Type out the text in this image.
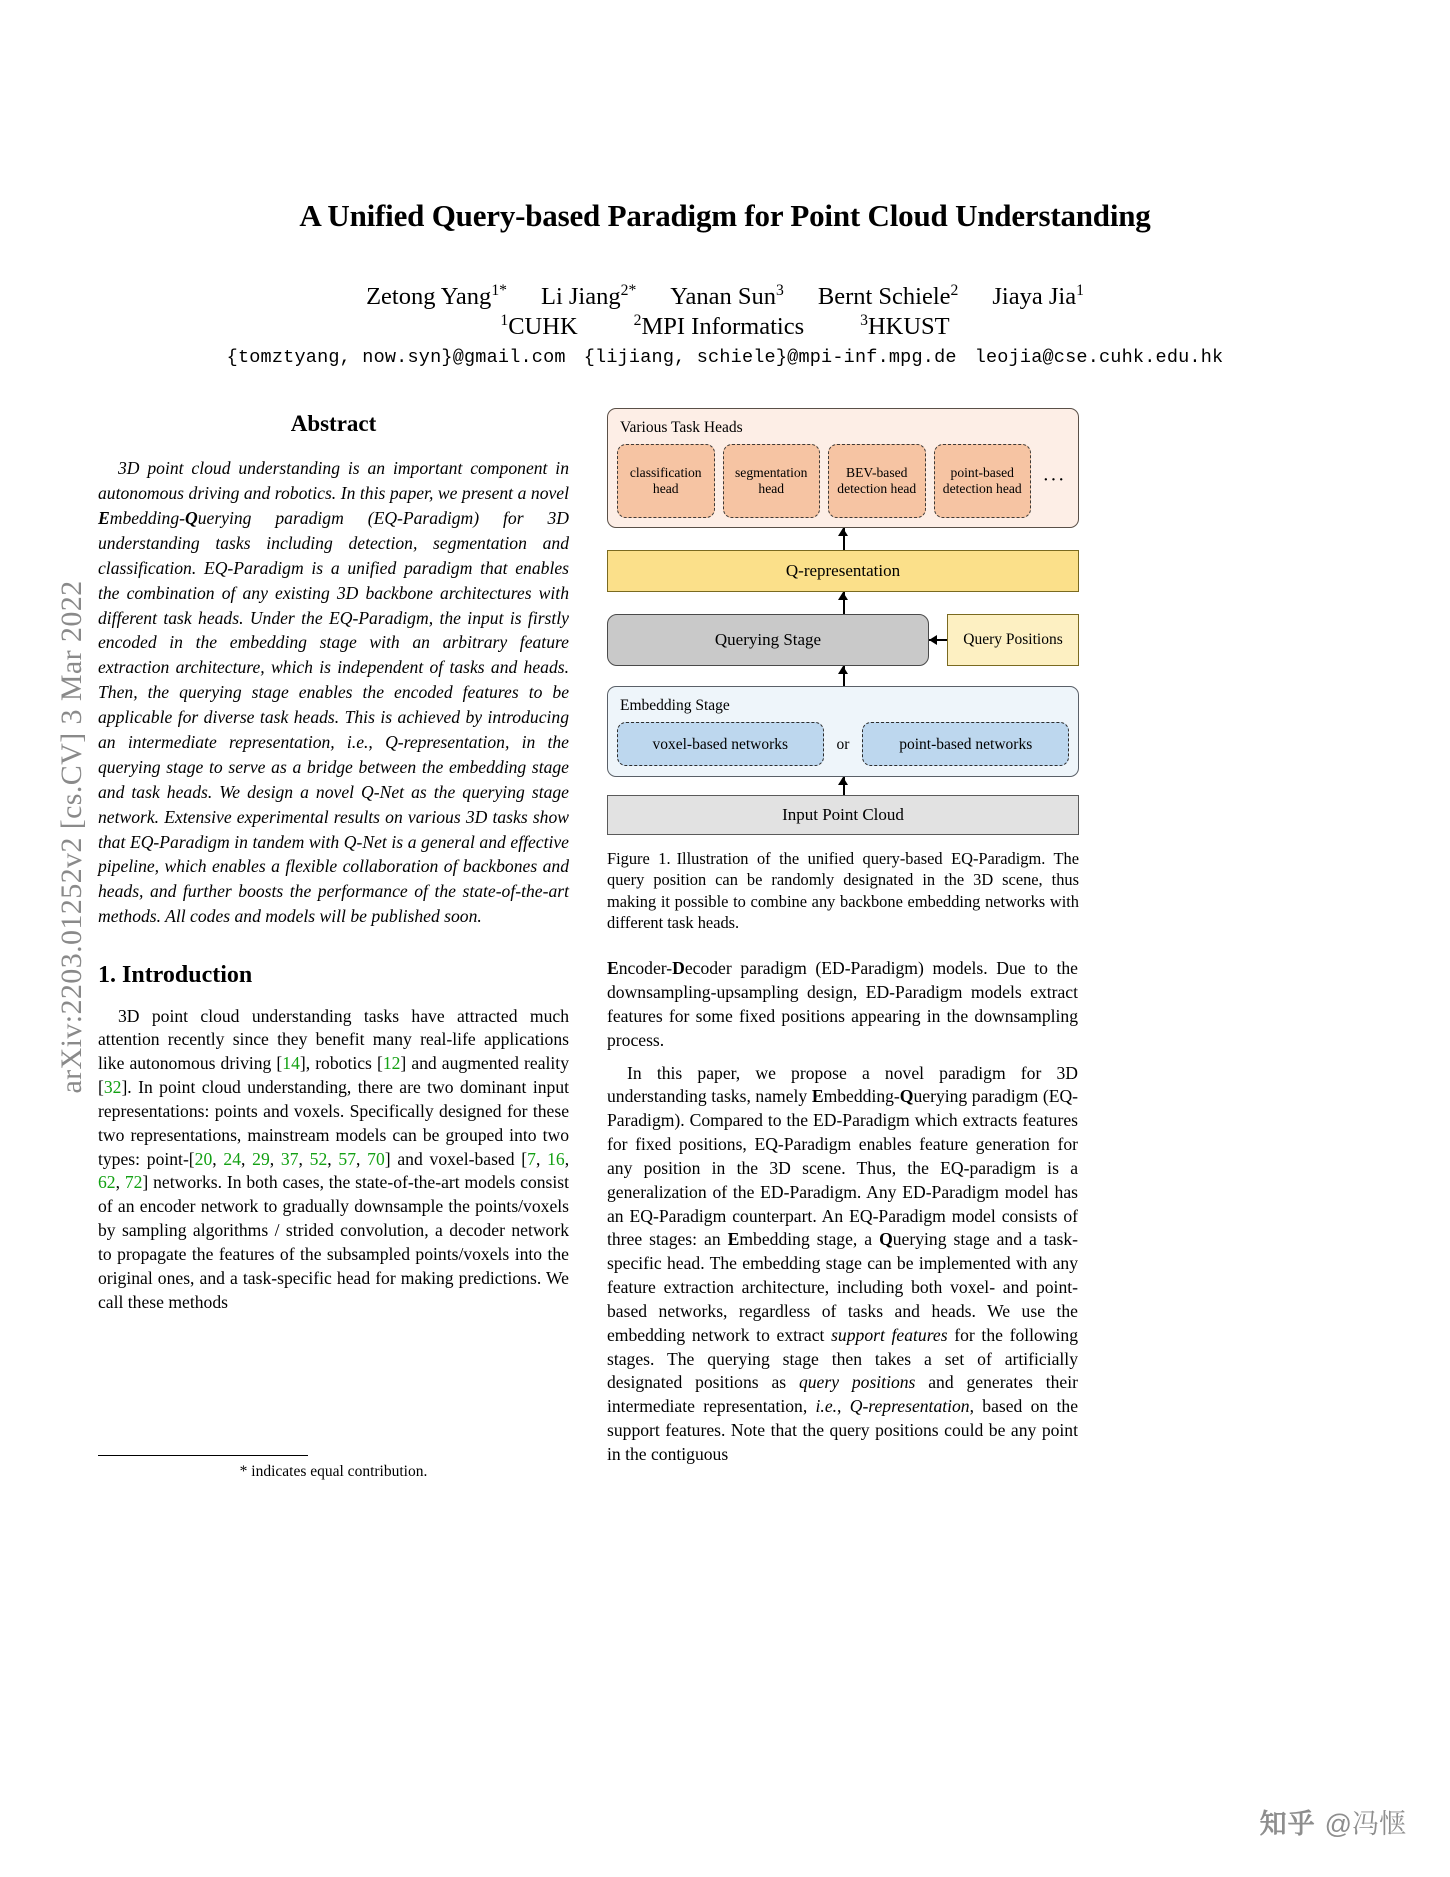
arXiv:2203.01252v2 [cs.CV] 3 Mar 2022
A Unified Query-based Paradigm for Point Cloud Understanding
Zetong Yang$^{1*}$ Li Jiang$^{2*}$ Yanan Sun$^3$ Bernt Schiele$^2$ Jiaya Jia$^1$
$^1$CUHK	$^2$MPI Informatics	$^3$HKUST
{tomztyang, now.syn}@gmail.com {lijiang, schiele}@mpi-inf.mpg.de leojia@cse.cuhk.edu.hk
Abstract

3D point cloud understanding is an important component in autonomous driving and robotics. In this paper, we present a novel Embedding-Querying paradigm (EQ-Paradigm) for 3D understanding tasks including detection, segmentation and classification. EQ-Paradigm is a unified paradigm that enables the combination of any existing 3D backbone architectures with different task heads. Under the EQ-Paradigm, the input is firstly encoded in the embedding stage with an arbitrary feature extraction architecture, which is independent of tasks and heads. Then, the querying stage enables the encoded features to be applicable for diverse task heads. This is achieved by introducing an intermediate representation, i.e., Q-representation, in the querying stage to serve as a bridge between the embedding stage and task heads. We design a novel Q-Net as the querying stage network. Extensive experimental results on various 3D tasks show that EQ-Paradigm in tandem with Q-Net is a general and effective pipeline, which enables a flexible collaboration of backbones and heads, and further boosts the performance of the state-of-the-art methods. All codes and models will be published soon.

1. Introduction

3D point cloud understanding tasks have attracted much attention recently since they benefit many real-life applications like autonomous driving [14], robotics [12] and augmented reality [32]. In point cloud understanding, there are two dominant input representations: points and voxels. Specifically designed for these two representations, mainstream models can be grouped into two types: point-[20, 24, 29, 37, 52, 57, 70] and voxel-based [7, 16, 62, 72] networks. In both cases, the state-of-the-art models consist of an encoder network to gradually downsample the points/voxels by sampling algorithms / strided convolution, a decoder network to propagate the features of the subsampled points/voxels into the original ones, and a task-specific head for making predictions. We call these methods

* indicates equal contribution.
Various Task Heads
classification head
segmentation head
BEV-based detection head
point-based detection head	···
Q-representation
Querying Stage	Query Positions
Embedding Stage
voxel-based networks	or	point-based networks
Input Point Cloud
Figure 1. Illustration of the unified query-based EQ-Paradigm. The query position can be randomly designated in the 3D scene, thus making it possible to combine any backbone embedding networks with different task heads.

Encoder-Decoder paradigm (ED-Paradigm) models. Due to the downsampling-upsampling design, ED-Paradigm models extract features for some fixed positions appearing in the downsampling process.

In this paper, we propose a novel paradigm for 3D understanding tasks, namely Embedding-Querying paradigm (EQ-Paradigm). Compared to the ED-Paradigm which extracts features for fixed positions, EQ-Paradigm enables feature generation for any position in the 3D scene. Thus, the EQ-paradigm is a generalization of the ED-Paradigm. Any ED-Paradigm model has an EQ-Paradigm counterpart. An EQ-Paradigm model consists of three stages: an Embedding stage, a Querying stage and a task-specific head. The embedding stage can be implemented with any feature extraction architecture, including both voxel- and point-based networks, regardless of tasks and heads. We use the embedding network to extract support features for the following stages. The querying stage then takes a set of artificially designated positions as query positions and generates their intermediate representation, i.e., Q-representation, based on the support features. Note that the query positions could be any point in the contiguous

知乎 @冯惬
